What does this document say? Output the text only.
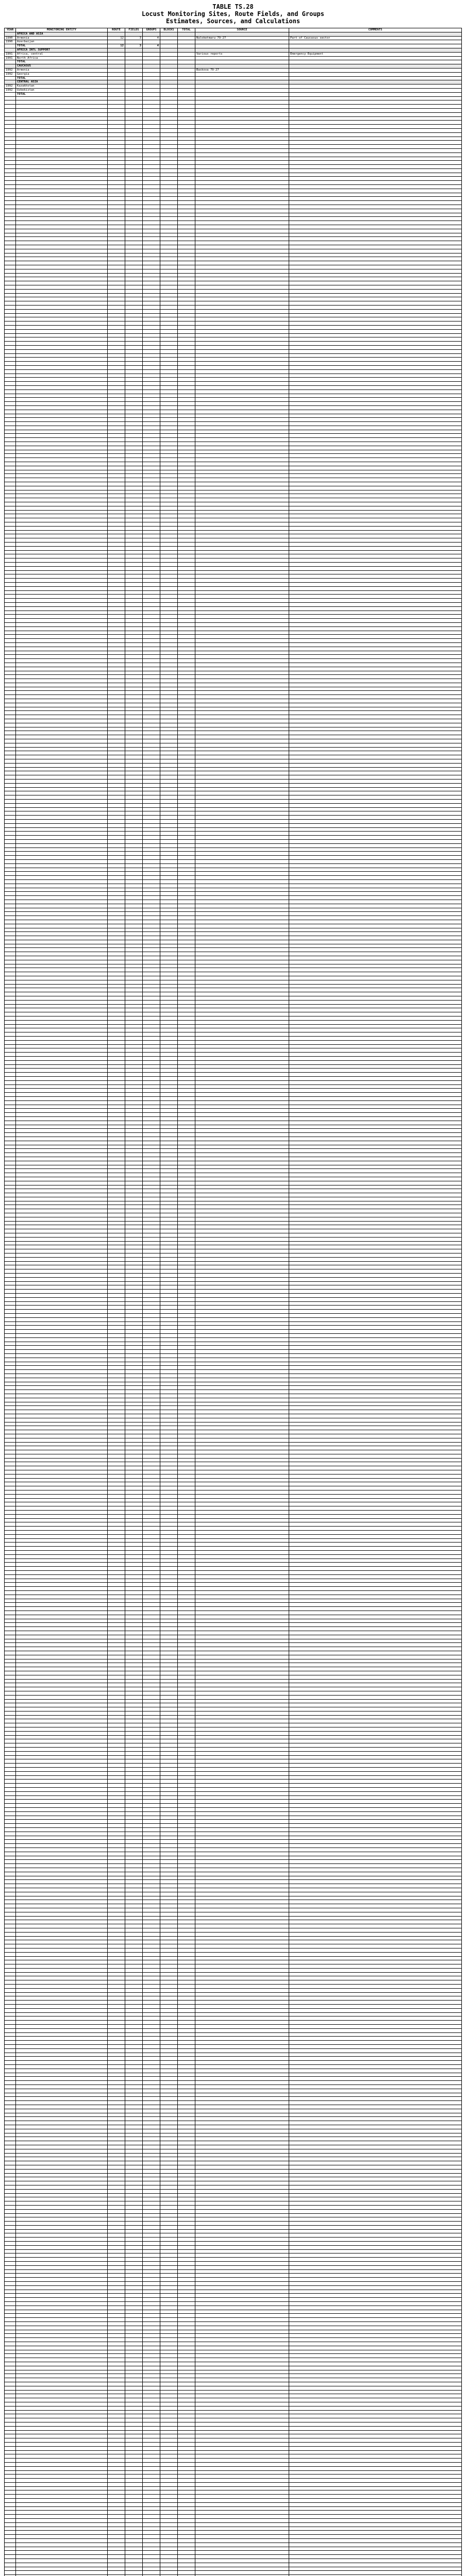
TABLE TS.28
Locust Monitoring Sites, Route Fields, and Groups
Estimates, Sources, and Calculations
YEAR	MONITORING ENTITY	ROUTE	FIELDS	GROUPS	BLOCKS	TOTAL	SOURCE	COMMENTS
	AFRICA AND ASIA							
1990	Armenia	12	3	4			Naloketmaru 79-27	Part of Caucasus sector
1990	Azerbaijan							
	TOTAL	12	3	4				
	AFRICA INTL SUPPORT							
1991	Africa, central						Various reports	Emergency Equipment
1991	North Africa							
	TOTAL							
	CAUCASUS							
1992	Armenia						Baskova 79-27	
1992	Georgia							
	TOTAL							
	CENTRAL ASIA							
1992	Kazakhstan							
1992	Uzbekistan							
	TOTAL							
